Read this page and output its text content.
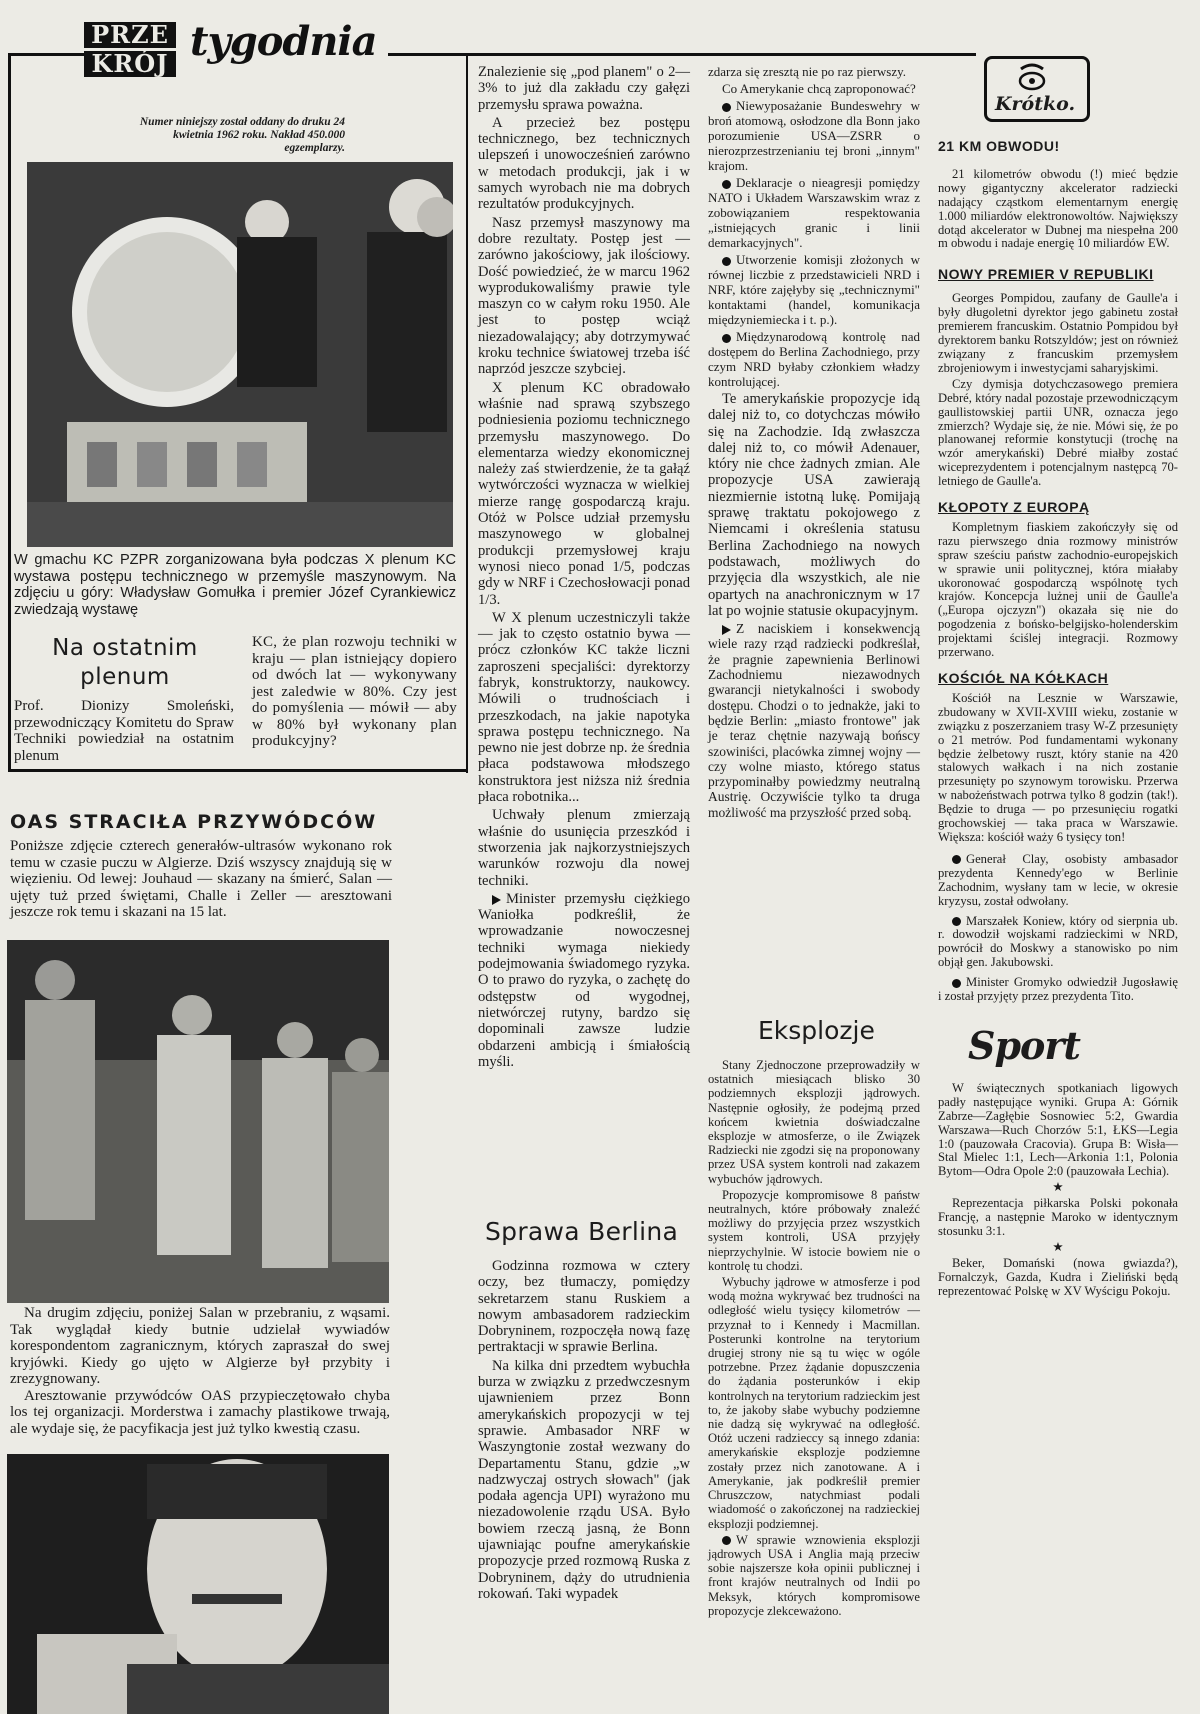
PRZE
KRÓJ tygodnia
Numer niniejszy został oddany do druku 24 kwietnia 1962 roku. Nakład 450.000 egzemplarzy.
W gmachu KC PZPR zorganizowana była podczas X plenum KC wystawa postępu technicznego w przemyśle maszynowym. Na zdjęciu u góry: Władysław Gomułka i premier Józef Cyrankiewicz zwiedzają wystawę
Na ostatnim plenum
Prof. Dionizy Smoleński, przewodniczący Komitetu do Spraw Techniki powiedział na ostatnim plenum
KC, że plan rozwoju techniki w kraju — plan istniejący dopiero od dwóch lat — wykonywany jest zaledwie w 80%. Czy jest do pomyślenia — mówił — aby w 80% był wykonany plan produkcyjny?
OAS STRACIŁA PRZYWÓDCÓW
Poniższe zdjęcie czterech generałów-ultrasów wykonano rok temu w czasie puczu w Algierze. Dziś wszyscy znajdują się w więzieniu. Od lewej: Jouhaud — skazany na śmierć, Salan — ujęty tuż przed świętami, Challe i Zeller — aresztowani jeszcze rok temu i skazani na 15 lat.
Na drugim zdjęciu, poniżej Salan w przebraniu, z wąsami. Tak wyglądał kiedy butnie udzielał wywiadów korespondentom zagranicznym, których zapraszał do swej kryjówki. Kiedy go ujęto w Algierze był przybity i zrezygnowany.
Aresztowanie przywódców OAS przypieczętowało chyba los tej organizacji. Morderstwa i zamachy plastikowe trwają, ale wydaje się, że pacyfikacja jest już tylko kwestią czasu.

Znalezienie się „pod planem" o 2—3% to już dla zakładu czy gałęzi przemysłu sprawa poważna.

A przecież bez postępu technicznego, bez technicznych ulepszeń i unowocześnień zarówno w metodach produkcji, jak i w samych wyrobach nie ma dobrych rezultatów produkcyjnych.

Nasz przemysł maszynowy ma dobre rezultaty. Postęp jest — zarówno jakościowy, jak ilościowy. Dość powiedzieć, że w marcu 1962 wyprodukowaliśmy prawie tyle maszyn co w całym roku 1950. Ale jest to postęp wciąż niezadowalający; aby dotrzymywać kroku technice światowej trzeba iść naprzód jeszcze szybciej.

X plenum KC obradowało właśnie nad sprawą szybszego podniesienia poziomu technicznego przemysłu maszynowego. Do elementarza wiedzy ekonomicznej należy zaś stwierdzenie, że ta gałąź wytwórczości wyznacza w wielkiej mierze rangę gospodarczą kraju. Otóż w Polsce udział przemysłu maszynowego w globalnej produkcji przemysłowej kraju wynosi nieco ponad 1/5, podczas gdy w NRF i Czechosłowacji ponad 1/3.

W X plenum uczestniczyli także — jak to często ostatnio bywa — prócz członków KC także liczni zaproszeni specjaliści: dyrektorzy fabryk, konstruktorzy, naukowcy. Mówili o trudnościach i przeszkodach, na jakie napotyka sprawa postępu technicznego. Na pewno nie jest dobrze np. że średnia płaca podstawowa młodszego konstruktora jest niższa niż średnia płaca robotnika...

Uchwały plenum zmierzają właśnie do usunięcia przeszkód i stworzenia jak najkorzystniejszych warunków rozwoju dla nowej techniki.

Minister przemysłu ciężkiego Waniołka podkreślił, że wprowadzanie nowoczesnej techniki wymaga niekiedy podejmowania świadomego ryzyka. O to prawo do ryzyka, o zachętę do odstępstw od wygodnej, nietwórczej rutyny, bardzo się dopominali zawsze ludzie obdarzeni ambicją i śmiałością myśli.

Sprawa Berlina

Godzinna rozmowa w cztery oczy, bez tłumaczy, pomiędzy sekretarzem stanu Ruskiem a nowym ambasadorem radzieckim Dobryninem, rozpoczęła nową fazę pertraktacji w sprawie Berlina.

Na kilka dni przedtem wybuchła burza w związku z przedwczesnym ujawnieniem przez Bonn amerykańskich propozycji w tej sprawie. Ambasador NRF w Waszyngtonie został wezwany do Departamentu Stanu, gdzie „w nadzwyczaj ostrych słowach" (jak podała agencja UPI) wyrażono mu niezadowolenie rządu USA. Było bowiem rzeczą jasną, że Bonn ujawniając poufne amerykańskie propozycje przed rozmową Ruska z Dobryninem, dąży do utrudnienia rokowań. Taki wypadek

zdarza się zresztą nie po raz pierwszy.

Co Amerykanie chcą zaproponować?

Niewyposażanie Bundeswehry w broń atomową, osłodzone dla Bonn jako porozumienie USA—ZSRR o nierozprzestrzenianiu tej broni „innym" krajom.

Deklaracje o nieagresji pomiędzy NATO i Układem Warszawskim wraz z zobowiązaniem respektowania „istniejących granic i linii demarkacyjnych".

Utworzenie komisji złożonych w równej liczbie z przedstawicieli NRD i NRF, które zajęłyby się „technicznymi" kontaktami (handel, komunikacja międzyniemiecka i t. p.).

Międzynarodową kontrolę nad dostępem do Berlina Zachodniego, przy czym NRD byłaby członkiem władzy kontrolującej.

Te amerykańskie propozycje idą dalej niż to, co dotychczas mówiło się na Zachodzie. Idą zwłaszcza dalej niż to, co mówił Adenauer, który nie chce żadnych zmian. Ale propozycje USA zawierają niezmiernie istotną lukę. Pomijają sprawę traktatu pokojowego z Niemcami i określenia statusu Berlina Zachodniego na nowych podstawach, możliwych do przyjęcia dla wszystkich, ale nie opartych na anachronicznym w 17 lat po wojnie statusie okupacyjnym.

Z naciskiem i konsekwencją wiele razy rząd radziecki podkreślał, że pragnie zapewnienia Berlinowi Zachodniemu niezawodnych gwarancji nietykalności i swobody dostępu. Chodzi o to jednakże, jaki to będzie Berlin: „miasto frontowe" jak je teraz chętnie nazywają bońscy szowiniści, placówka zimnej wojny — czy wolne miasto, którego status przypominałby powiedzmy neutralną Austrię. Oczywiście tylko ta druga możliwość ma przyszłość przed sobą.

Eksplozje

Stany Zjednoczone przeprowadziły w ostatnich miesiącach blisko 30 podziemnych eksplozji jądrowych. Następnie ogłosiły, że podejmą przed końcem kwietnia doświadczalne eksplozje w atmosferze, o ile Związek Radziecki nie zgodzi się na proponowany przez USA system kontroli nad zakazem wybuchów jądrowych.

Propozycje kompromisowe 8 państw neutralnych, które próbowały znaleźć możliwy do przyjęcia przez wszystkich system kontroli, USA przyjęły nieprzychylnie. W istocie bowiem nie o kontrolę tu chodzi.

Wybuchy jądrowe w atmosferze i pod wodą można wykrywać bez trudności na odległość wielu tysięcy kilometrów — przyznał to i Kennedy i Macmillan. Posterunki kontrolne na terytorium drugiej strony nie są tu więc w ogóle potrzebne. Przez żądanie dopuszczenia do żądania posterunków i ekip kontrolnych na terytorium radzieckim jest to, że jakoby słabe wybuchy podziemne nie dadzą się wykrywać na odległość. Otóż uczeni radzieccy są innego zdania: amerykańskie eksplozje podziemne zostały przez nich zanotowane. A i Amerykanie, jak podkreślił premier Chruszczow, natychmiast podali wiadomość o zakończonej na radzieckiej eksplozji podziemnej.

W sprawie wznowienia eksplozji jądrowych USA i Anglia mają przeciw sobie najszersze koła opinii publicznej i front krajów neutralnych od Indii po Meksyk, których kompromisowe propozycje zlekceważono.

Krótko.
21 KM OBWODU!

21 kilometrów obwodu (!) mieć będzie nowy gigantyczny akcelerator radziecki nadający cząstkom elementarnym energię 1.000 miliardów elektronowoltów. Największy dotąd akcelerator w Dubnej ma niespełna 200 m obwodu i nadaje energię 10 miliardów EW.

NOWY PREMIER V REPUBLIKI

Georges Pompidou, zaufany de Gaulle'a i były długoletni dyrektor jego gabinetu został premierem francuskim. Ostatnio Pompidou był dyrektorem banku Rotszyldów; jest on również związany z francuskim przemysłem zbrojeniowym i inwestycjami saharyjskimi.

Czy dymisja dotychczasowego premiera Debré, który nadal pozostaje przewodniczącym gaullistowskiej partii UNR, oznacza jego zmierzch? Wydaje się, że nie. Mówi się, że po planowanej reformie konstytucji (trochę na wzór amerykański) Debré miałby zostać wiceprezydentem i potencjalnym następcą 70-letniego de Gaulle'a.

KŁOPOTY Z EUROPĄ

Kompletnym fiaskiem zakończyły się od razu pierwszego dnia rozmowy ministrów spraw sześciu państw zachodnio-europejskich w sprawie unii politycznej, która miałaby ukoronować gospodarczą wspólnotę tych krajów. Koncepcja lużnej unii de Gaulle'a („Europa ojczyzn") okazała się nie do pogodzenia z bońsko-belgijsko-holenderskim projektami ściślej integracji. Rozmowy przerwano.

KOŚCIÓŁ NA KÓŁKACH

Kościół na Lesznie w Warszawie, zbudowany w XVII-XVIII wieku, zostanie w związku z poszerzaniem trasy W-Z przesunięty o 21 metrów. Pod fundamentami wykonany będzie żelbetowy ruszt, który stanie na 420 stalowych wałkach i na nich zostanie przesunięty po szynowym torowisku. Przerwa w nabożeństwach potrwa tylko 8 godzin (tak!). Będzie to druga — po przesunięciu rogatki grochowskiej — taka praca w Warszawie. Większa: kościół waży 6 tysięcy ton!

Generał Clay, osobisty ambasador prezydenta Kennedy'ego w Berlinie Zachodnim, wysłany tam w lecie, w okresie kryzysu, został odwołany.

Marszałek Koniew, który od sierpnia ub. r. dowodził wojskami radzieckimi w NRD, powrócił do Moskwy a stanowisko po nim objął gen. Jakubowski.

Minister Gromyko odwiedził Jugosławię i został przyjęty przez prezydenta Tito.

Sport

W świątecznych spotkaniach ligowych padły następujące wyniki. Grupa A: Górnik Zabrze—Zagłębie Sosnowiec 5:2, Gwardia Warszawa—Ruch Chorzów 5:1, ŁKS—Legia 1:0 (pauzowała Cracovia). Grupa B: Wisła—Stal Mielec 1:1, Lech—Arkonia 1:1, Polonia Bytom—Odra Opole 2:0 (pauzowała Lechia).

★

Reprezentacja piłkarska Polski pokonała Francję, a następnie Maroko w identycznym stosunku 3:1.

★

Beker, Domański (nowa gwiazda?), Fornalczyk, Gazda, Kudra i Zieliński będą reprezentować Polskę w XV Wyścigu Pokoju.
